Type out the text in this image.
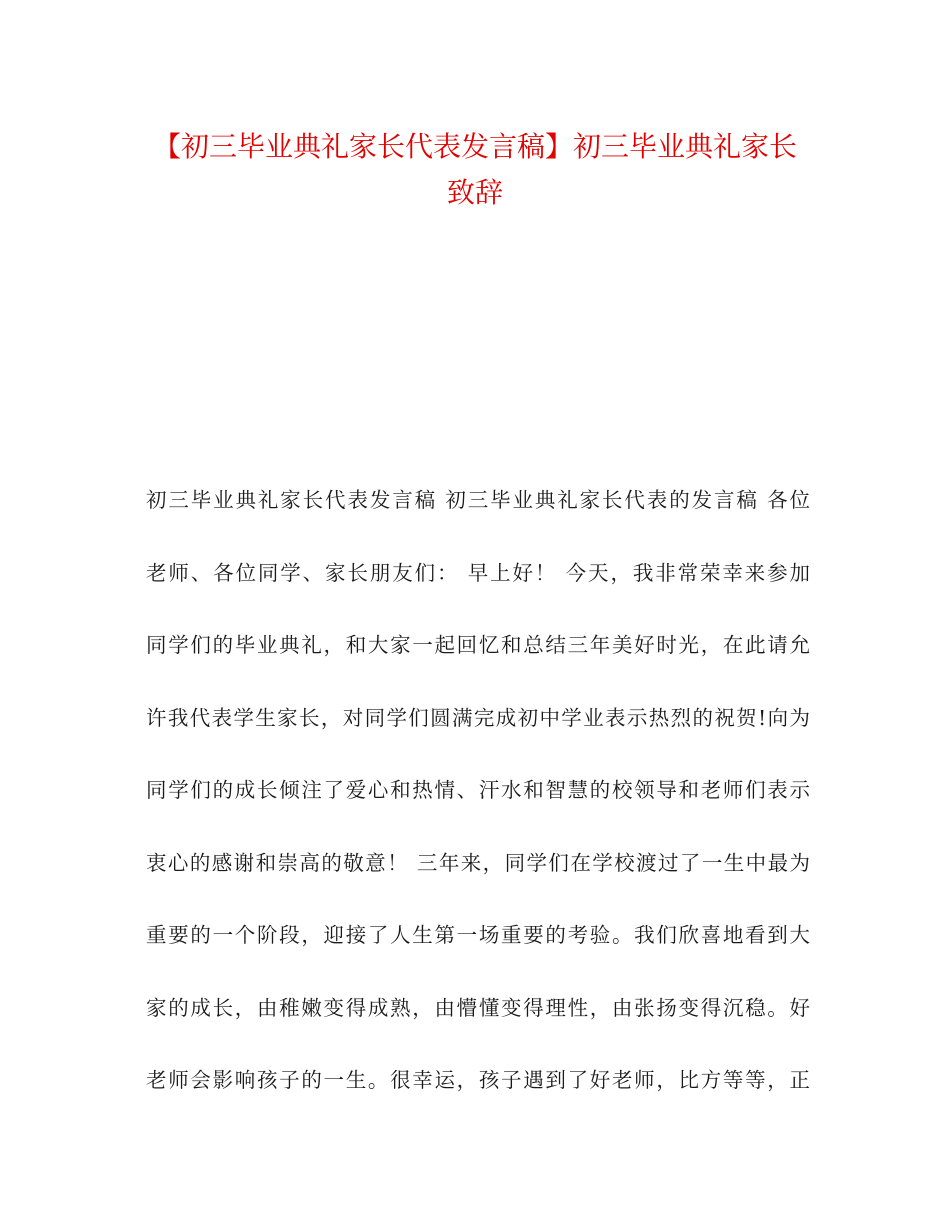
【初三毕业典礼家长代表发言稿】初三毕业典礼家长
致辞
初三毕业典礼家长代表发言稿 初三毕业典礼家长代表的发言稿 各位
老师、各位同学、家长朋友们： 早上好！ 今天，我非常荣幸来参加
同学们的毕业典礼，和大家一起回忆和总结三年美好时光，在此请允
许我代表学生家长，对同学们圆满完成初中学业表示热烈的祝贺!向为
同学们的成长倾注了爱心和热情、汗水和智慧的校领导和老师们表示
衷心的感谢和崇高的敬意！ 三年来，同学们在学校渡过了一生中最为
重要的一个阶段，迎接了人生第一场重要的考验。我们欣喜地看到大
家的成长，由稚嫩变得成熟，由懵懂变得理性，由张扬变得沉稳。好
老师会影响孩子的一生。很幸运，孩子遇到了好老师，比方等等，正
